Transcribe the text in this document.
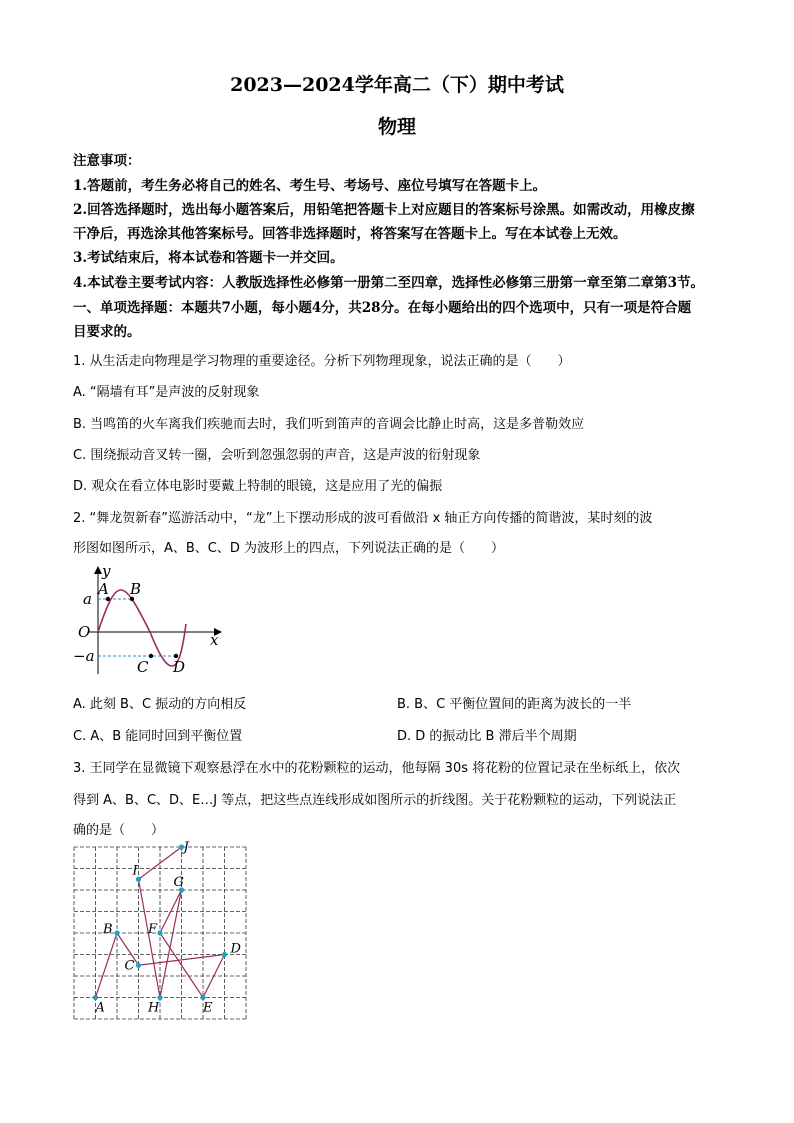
2023—2024学年高二（下）期中考试
物理
注意事项：
1.答题前，考生务必将自己的姓名、考生号、考场号、座位号填写在答题卡上。
2.回答选择题时，选出每小题答案后，用铅笔把答题卡上对应题目的答案标号涂黑。如需改动，用橡皮擦
干净后，再选涂其他答案标号。回答非选择题时，将答案写在答题卡上。写在本试卷上无效。
3.考试结束后，将本试卷和答题卡一并交回。
4.本试卷主要考试内容：人教版选择性必修第一册第二至四章，选择性必修第三册第一章至第二章第3节。
一、单项选择题：本题共7小题，每小题4分，共28分。在每小题给出的四个选项中，只有一项是符合题
目要求的。
1. 从生活走向物理是学习物理的重要途径。分析下列物理现象，说法正确的是（　　）
A. “隔墙有耳”是声波的反射现象
B. 当鸣笛的火车离我们疾驰而去时，我们听到笛声的音调会比静止时高，这是多普勒效应
C. 围绕振动音叉转一圈，会听到忽强忽弱的声音，这是声波的衍射现象
D. 观众在看立体电影时要戴上特制的眼镜，这是应用了光的偏振
2. “舞龙贺新春”巡游活动中，“龙”上下摆动形成的波可看做沿 x 轴正方向传播的简谐波，某时刻的波
形图如图所示，A、B、C、D 为波形上的四点，下列说法正确的是（　　）
y
x
O
a
−a
A B
C D
A. 此刻 B、C 振动的方向相反	B. B、C 平衡位置间的距离为波长的一半
C. A、B 能同时回到平衡位置	D. D 的振动比 B 滞后半个周期
3. 王同学在显微镜下观察悬浮在水中的花粉颗粒的运动，他每隔 30s 将花粉的位置记录在坐标纸上，依次
得到 A、B、C、D、E…J 等点，把这些点连线形成如图所示的折线图。关于花粉颗粒的运动，下列说法正
确的是（　　）
A
B
C
D
E
F
G
H
I
J
